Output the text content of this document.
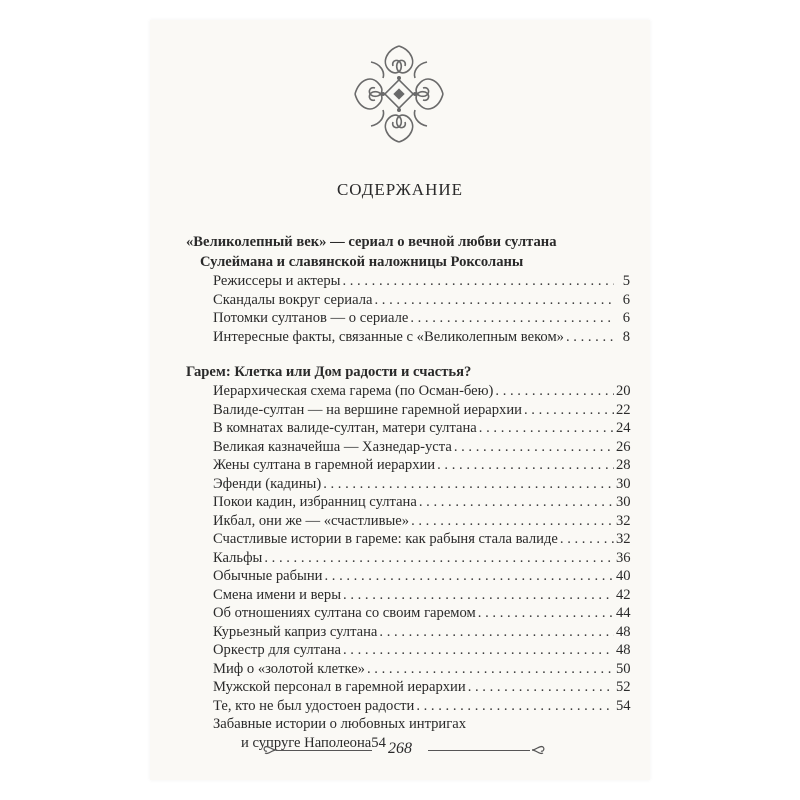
СОДЕРЖАНИЕ
«Великолепный век» — сериал о вечной любви султана
Сулеймана и славянской наложницы Роксоланы
Режиссеры и актеры . . .	5
Скандалы вокруг сериала . . .	6
Потомки султанов — о сериале . . .	6
Интересные факты, связанные с «Великолепным веком» . . .	8
Гарем: Клетка или Дом радости и счастья?
Иерархическая схема гарема (по Осман-бею) . . .	20
Валиде-султан — на вершине гаремной иерархии . . .	22
В комнатах валиде-султан, матери султана . . .	24
Великая казначейша — Хазнедар-уста . . .	26
Жены султана в гаремной иерархии . . .	28
Эфенди (кадины) . . .	30
Покои кадин, избранниц султана . . .	30
Икбал, они же — «счастливые» . . .	32
Счастливые истории в гареме: как рабыня стала валиде . . .	32
Кальфы . . .	36
Обычные рабыни . . .	40
Смена имени и веры . . .	42
Об отношениях султана со своим гаремом . . .	44
Курьезный каприз султана . . .	48
Оркестр для султана . . .	48
Миф о «золотой клетке» . . .	50
Мужской персонал в гаремной иерархии . . .	52
Те, кто не был удостоен радости . . .	54
Забавные истории о любовных интригах
и супруге Наполеона 54 268
